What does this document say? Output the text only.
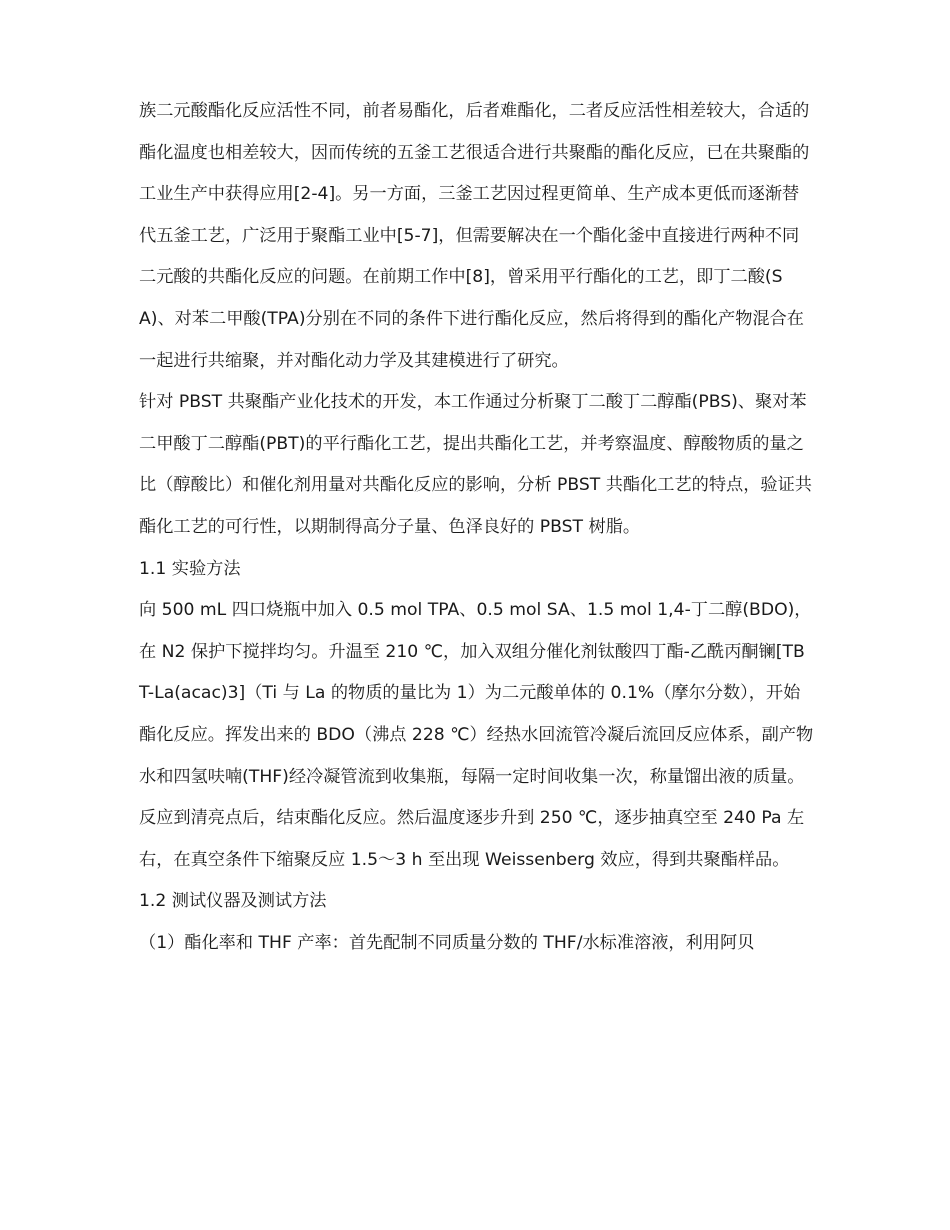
族二元酸酯化反应活性不同，前者易酯化，后者难酯化，二者反应活性相差较大，合适的酯化温度也相差较大，因而传统的五釜工艺很适合进行共聚酯的酯化反应，已在共聚酯的工业生产中获得应用[2-4]。另一方面，三釜工艺因过程更简单、生产成本更低而逐渐替代五釜工艺，广泛用于聚酯工业中[5-7]，但需要解决在一个酯化釜中直接进行两种不同二元酸的共酯化反应的问题。在前期工作中[8]，曾采用平行酯化的工艺，即丁二酸(SA)、对苯二甲酸(TPA)分别在不同的条件下进行酯化反应，然后将得到的酯化产物混合在一起进行共缩聚，并对酯化动力学及其建模进行了研究。

针对 PBST 共聚酯产业化技术的开发，本工作通过分析聚丁二酸丁二醇酯(PBS)、聚对苯二甲酸丁二醇酯(PBT)的平行酯化工艺，提出共酯化工艺，并考察温度、醇酸物质的量之比（醇酸比）和催化剂用量对共酯化反应的影响，分析 PBST 共酯化工艺的特点，验证共酯化工艺的可行性，以期制得高分子量、色泽良好的 PBST 树脂。

1.1 实验方法

向 500 mL 四口烧瓶中加入 0.5 mol TPA、0.5 mol SA、1.5 mol 1,4-丁二醇(BDO)，在 N2 保护下搅拌均匀。升温至 210 ℃，加入双组分催化剂钛酸四丁酯-乙酰丙酮镧[TBT-La(acac)3]（Ti 与 La 的物质的量比为 1）为二元酸单体的 0.1%（摩尔分数），开始酯化反应。挥发出来的 BDO（沸点 228 ℃）经热水回流管冷凝后流回反应体系，副产物水和四氢呋喃(THF)经冷凝管流到收集瓶，每隔一定时间收集一次，称量馏出液的质量。反应到清亮点后，结束酯化反应。然后温度逐步升到 250 ℃，逐步抽真空至 240 Pa 左右，在真空条件下缩聚反应 1.5～3 h 至出现 Weissenberg 效应，得到共聚酯样品。

1.2 测试仪器及测试方法

（1）酯化率和 THF 产率：首先配制不同质量分数的 THF/水标准溶液，利用阿贝
